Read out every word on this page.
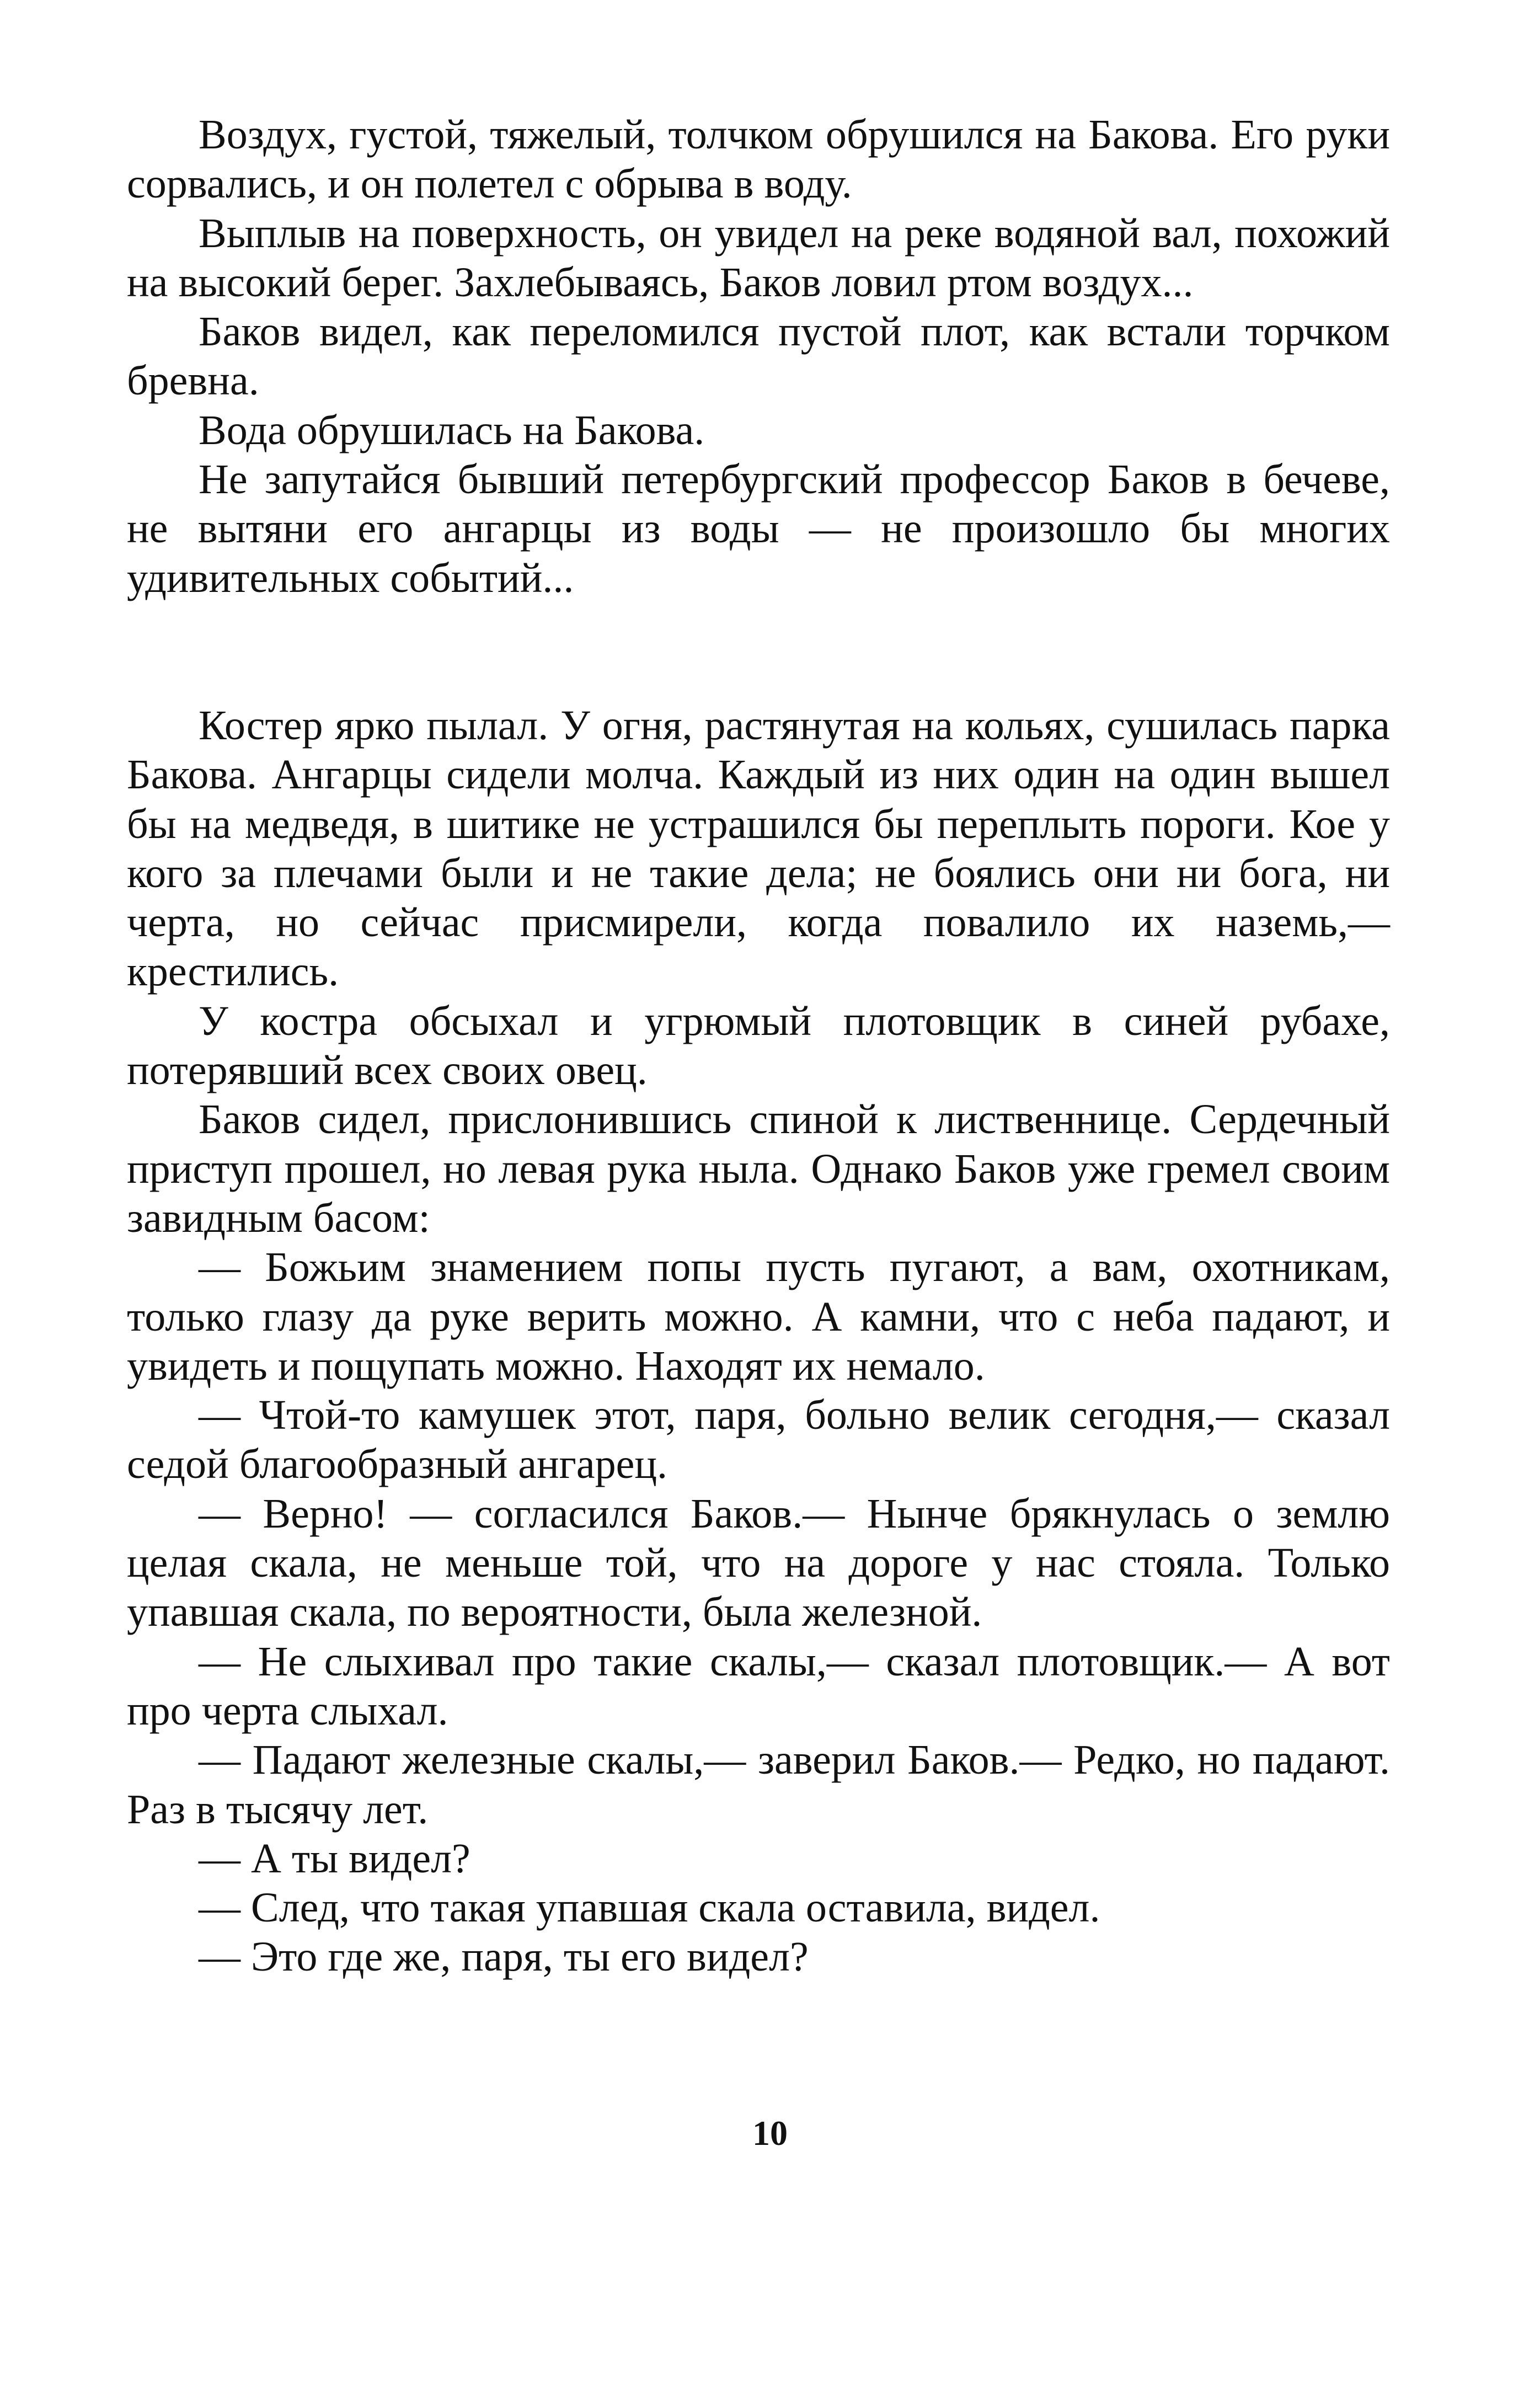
Воздух, густой, тяжелый, толчком обрушился на Бакова. Его руки сорвались, и он полетел с обрыва в воду.

Выплыв на поверхность, он увидел на реке водяной вал, похожий на высокий берег. Захлебываясь, Баков ловил ртом воздух...

Баков видел, как переломился пустой плот, как встали торчком бревна.

Вода обрушилась на Бакова.

Не запутайся бывший петербургский профессор Баков в бечеве, не вытяни его ангарцы из воды — не произошло бы многих удивительных событий...

Костер ярко пылал. У огня, растянутая на кольях, сушилась парка Бакова. Ангарцы сидели молча. Каждый из них один на один вышел бы на медведя, в шитике не устрашился бы переплыть пороги. Кое у кого за плечами были и не такие дела; не боялись они ни бога, ни черта, но сейчас присмирели, когда повалило их наземь,— крестились.

У костра обсыхал и угрюмый плотовщик в синей рубахе, потерявший всех своих овец.

Баков сидел, прислонившись спиной к лиственнице. Сердечный приступ прошел, но левая рука ныла. Однако Баков уже гремел своим завидным басом:

— Божьим знамением попы пусть пугают, а вам, охотникам, только глазу да руке верить можно. А камни, что с неба падают, и увидеть и пощупать можно. Находят их немало.

— Чтой-то камушек этот, паря, больно велик сегодня,— сказал седой благообразный ангарец.

— Верно! — согласился Баков.— Нынче брякнулась о землю целая скала, не меньше той, что на дороге у нас стояла. Только упавшая скала, по вероятности, была железной.

— Не слыхивал про такие скалы,— сказал плотовщик.— А вот про черта слыхал.

— Падают железные скалы,— заверил Баков.— Редко, но падают. Раз в тысячу лет.

— А ты видел?

— След, что такая упавшая скала оставила, видел.

— Это где же, паря, ты его видел?

10
